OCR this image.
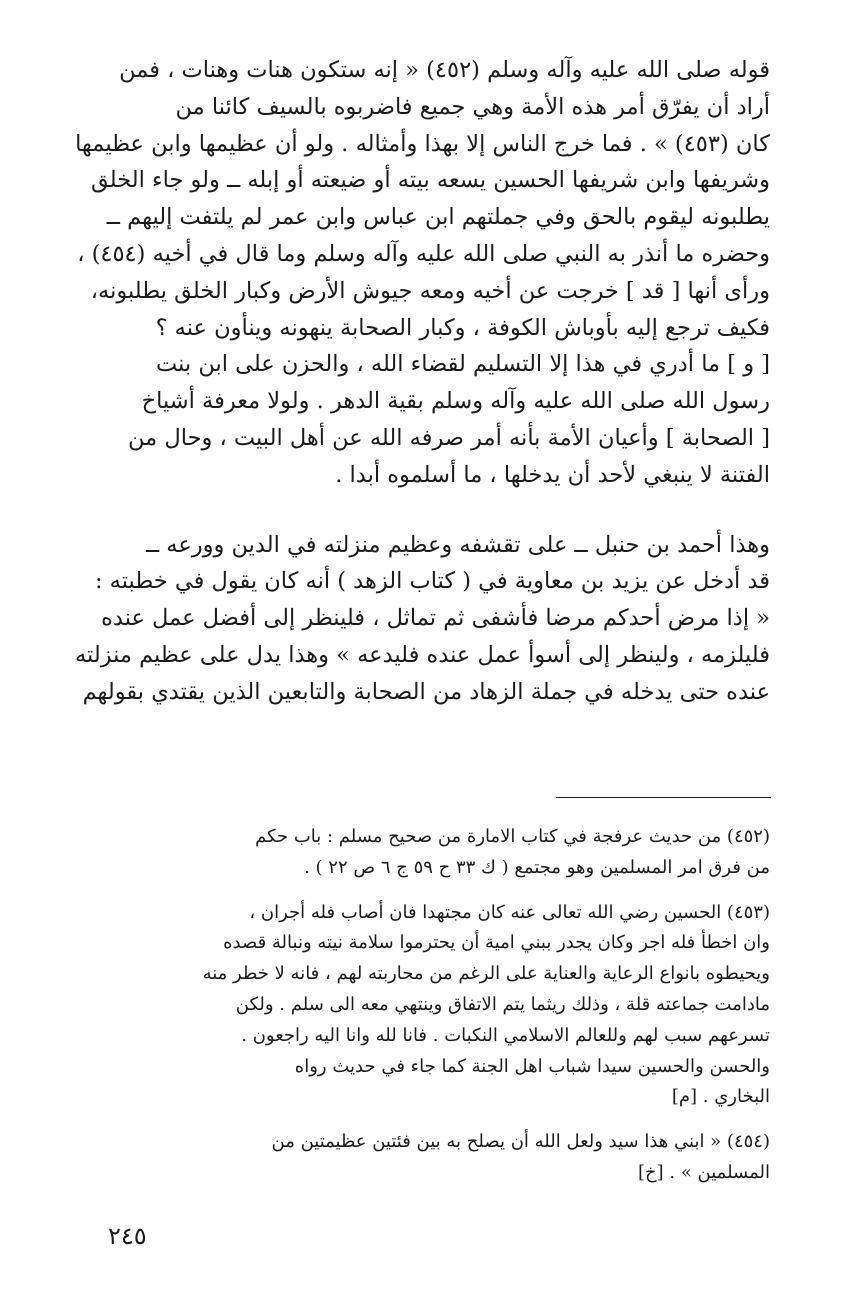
قوله صلى الله عليه وآله وسلم (٤٥٢) « إنه ستكون هنات وهنات ، فمن
أراد أن يفرّق أمر هذه الأمة وهي جميع فاضربوه بالسيف كائنا من
كان (٤٥٣) » . فما خرج الناس إلا بهذا وأمثاله . ولو أن عظيمها وابن عظيمها
وشريفها وابن شريفها الحسين يسعه بيته أو ضيعته أو إبله ــ ولو جاء الخلق
يطلبونه ليقوم بالحق وفي جملتهم ابن عباس وابن عمر لم يلتفت إليهم ــ
وحضره ما أنذر به النبي صلى الله عليه وآله وسلم وما قال في أخيه (٤٥٤) ،
ورأى أنها [ قد ] خرجت عن أخيه ومعه جيوش الأرض وكبار الخلق يطلبونه،
فكيف ترجع إليه بأوباش الكوفة ، وكبار الصحابة ينهونه وينأون عنه ؟
[ و ] ما أدري في هذا إلا التسليم لقضاء الله ، والحزن على ابن بنت
رسول الله صلى الله عليه وآله وسلم بقية الدهر . ولولا معرفة أشياخ
[ الصحابة ] وأعيان الأمة بأنه أمر صرفه الله عن أهل البيت ، وحال من
الفتنة لا ينبغي لأحد أن يدخلها ، ما أسلموه أبدا .
وهذا أحمد بن حنبل ــ على تقشفه وعظيم منزلته في الدين وورعه ــ
قد أدخل عن يزيد بن معاوية في ( كتاب الزهد ) أنه كان يقول في خطبته :
« إذا مرض أحدكم مرضا فأشفى ثم تماثل ، فلينظر إلى أفضل عمل عنده
فليلزمه ، ولينظر إلى أسوأ عمل عنده فليدعه » وهذا يدل على عظيم منزلته
عنده حتى يدخله في جملة الزهاد من الصحابة والتابعين الذين يقتدي بقولهم
(٤٥٢) من حديث عرفجة في كتاب الامارة من صحيح مسلم : باب حكم
من فرق امر المسلمين وهو مجتمع ( ك ٣٣ ح ٥٩ ج ٦ ص ٢٢ ) .
(٤٥٣) الحسين رضي الله تعالى عنه كان مجتهدا فان أصاب فله أجران ،
وان اخطأ فله اجر وكان يجدر ببني امية أن يحترموا سلامة نيته ونبالة قصده
ويحيطوه بانواع الرعاية والعناية على الرغم من محاربته لهم ، فانه لا خطر منه
مادامت جماعته قلة ، وذلك ريثما يتم الاتفاق وينتهي معه الى سلم . ولكن
تسرعهم سبب لهم وللعالم الاسلامي النكبات . فانا لله وانا اليه راجعون .
والحسن والحسين سيدا شباب اهل الجنة كما جاء في حديث رواه
البخاري . [م]
(٤٥٤) « ابني هذا سيد ولعل الله أن يصلح به بين فئتين عظيمتين من
المسلمين » . [خ]
٢٤٥
